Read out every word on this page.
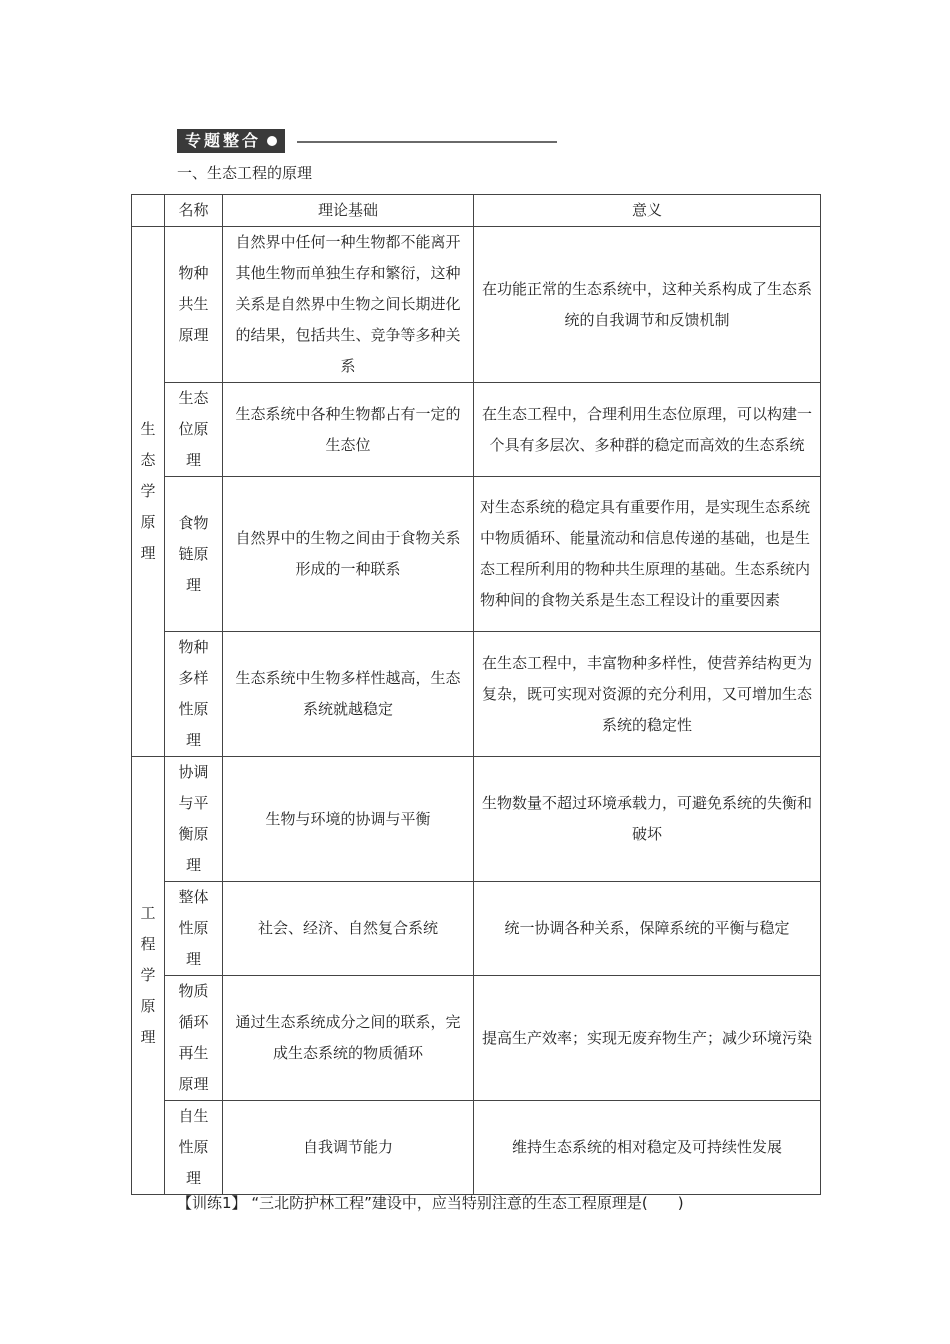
专题整合
一、生态工程的原理
	名称	理论基础	意义
生态学原理	物种共生原理	自然界中任何一种生物都不能离开其他生物而单独生存和繁衍，这种关系是自然界中生物之间长期进化的结果，包括共生、竞争等多种关系	在功能正常的生态系统中，这种关系构成了生态系统的自我调节和反馈机制
	生态位原理	生态系统中各种生物都占有一定的生态位	在生态工程中，合理利用生态位原理，可以构建一个具有多层次、多种群的稳定而高效的生态系统
	食物链原理	自然界中的生物之间由于食物关系形成的一种联系	对生态系统的稳定具有重要作用，是实现生态系统中物质循环、能量流动和信息传递的基础，也是生态工程所利用的物种共生原理的基础。生态系统内物种间的食物关系是生态工程设计的重要因素
	物种多样性原理	生态系统中生物多样性越高，生态系统就越稳定	在生态工程中，丰富物种多样性，使营养结构更为复杂，既可实现对资源的充分利用，又可增加生态系统的稳定性
工程学原理	协调与平衡原理	生物与环境的协调与平衡	生物数量不超过环境承载力，可避免系统的失衡和破坏
	整体性原理	社会、经济、自然复合系统	统一协调各种关系，保障系统的平衡与稳定
	物质循环再生原理	通过生态系统成分之间的联系，完成生态系统的物质循环	提高生产效率；实现无废弃物生产；减少环境污染
	自生性原理	自我调节能力	维持生态系统的相对稳定及可持续性发展
【训练1】 “三北防护林工程”建设中，应当特别注意的生态工程原理是(　　)
